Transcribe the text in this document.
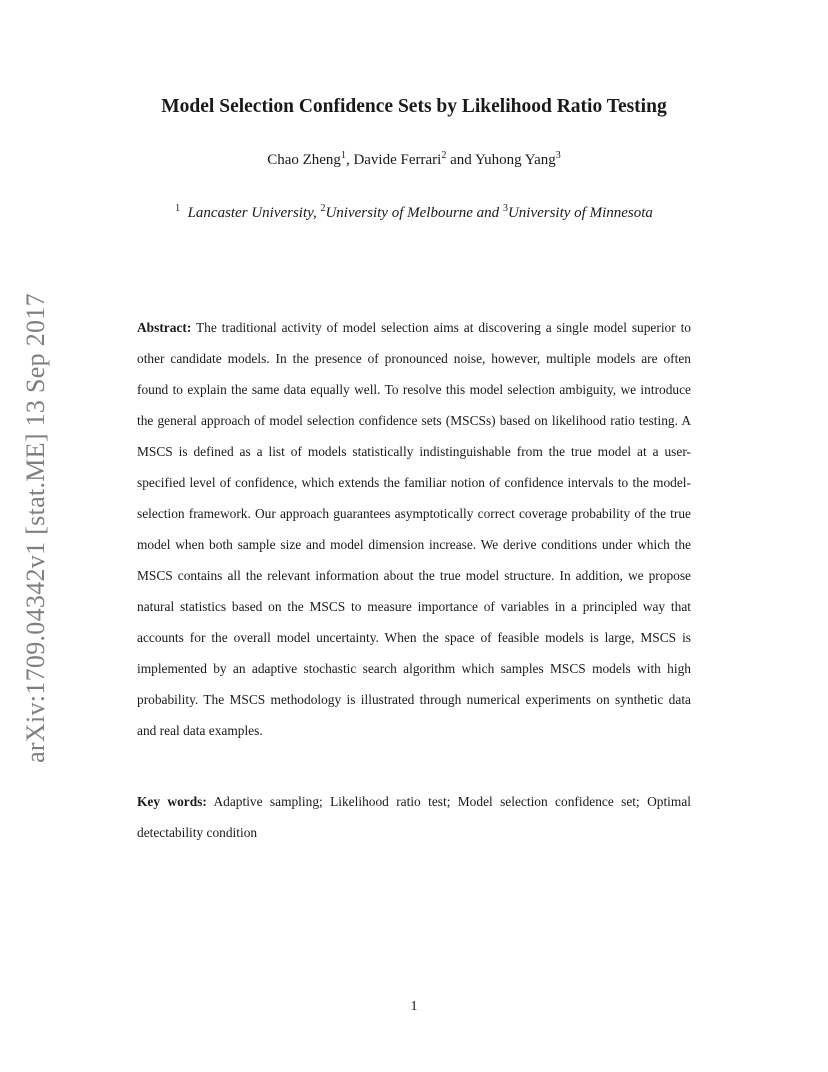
arXiv:1709.04342v1 [stat.ME] 13 Sep 2017
Model Selection Confidence Sets by Likelihood Ratio Testing
Chao Zheng$^1$, Davide Ferrari$^2$ and Yuhong Yang$^3$
$^1$ Lancaster University, $^2$University of Melbourne and $^3$University of Minnesota
Abstract: The traditional activity of model selection aims at discovering a single model superior to other candidate models. In the presence of pronounced noise, however, multiple models are often found to explain the same data equally well. To resolve this model selection ambiguity, we introduce the general approach of model selection confidence sets (MSCSs) based on likelihood ratio testing. A MSCS is defined as a list of models statistically indistinguishable from the true model at a user-specified level of confidence, which extends the familiar notion of confidence intervals to the model-selection framework. Our approach guarantees asymptotically correct coverage probability of the true model when both sample size and model dimension increase. We derive conditions under which the MSCS contains all the relevant information about the true model structure. In addition, we propose natural statistics based on the MSCS to measure importance of variables in a principled way that accounts for the overall model uncertainty. When the space of feasible models is large, MSCS is implemented by an adaptive stochastic search algorithm which samples MSCS models with high probability. The MSCS methodology is illustrated through numerical experiments on synthetic data and real data examples.
Key words: Adaptive sampling; Likelihood ratio test; Model selection confidence set; Optimal detectability condition
1
